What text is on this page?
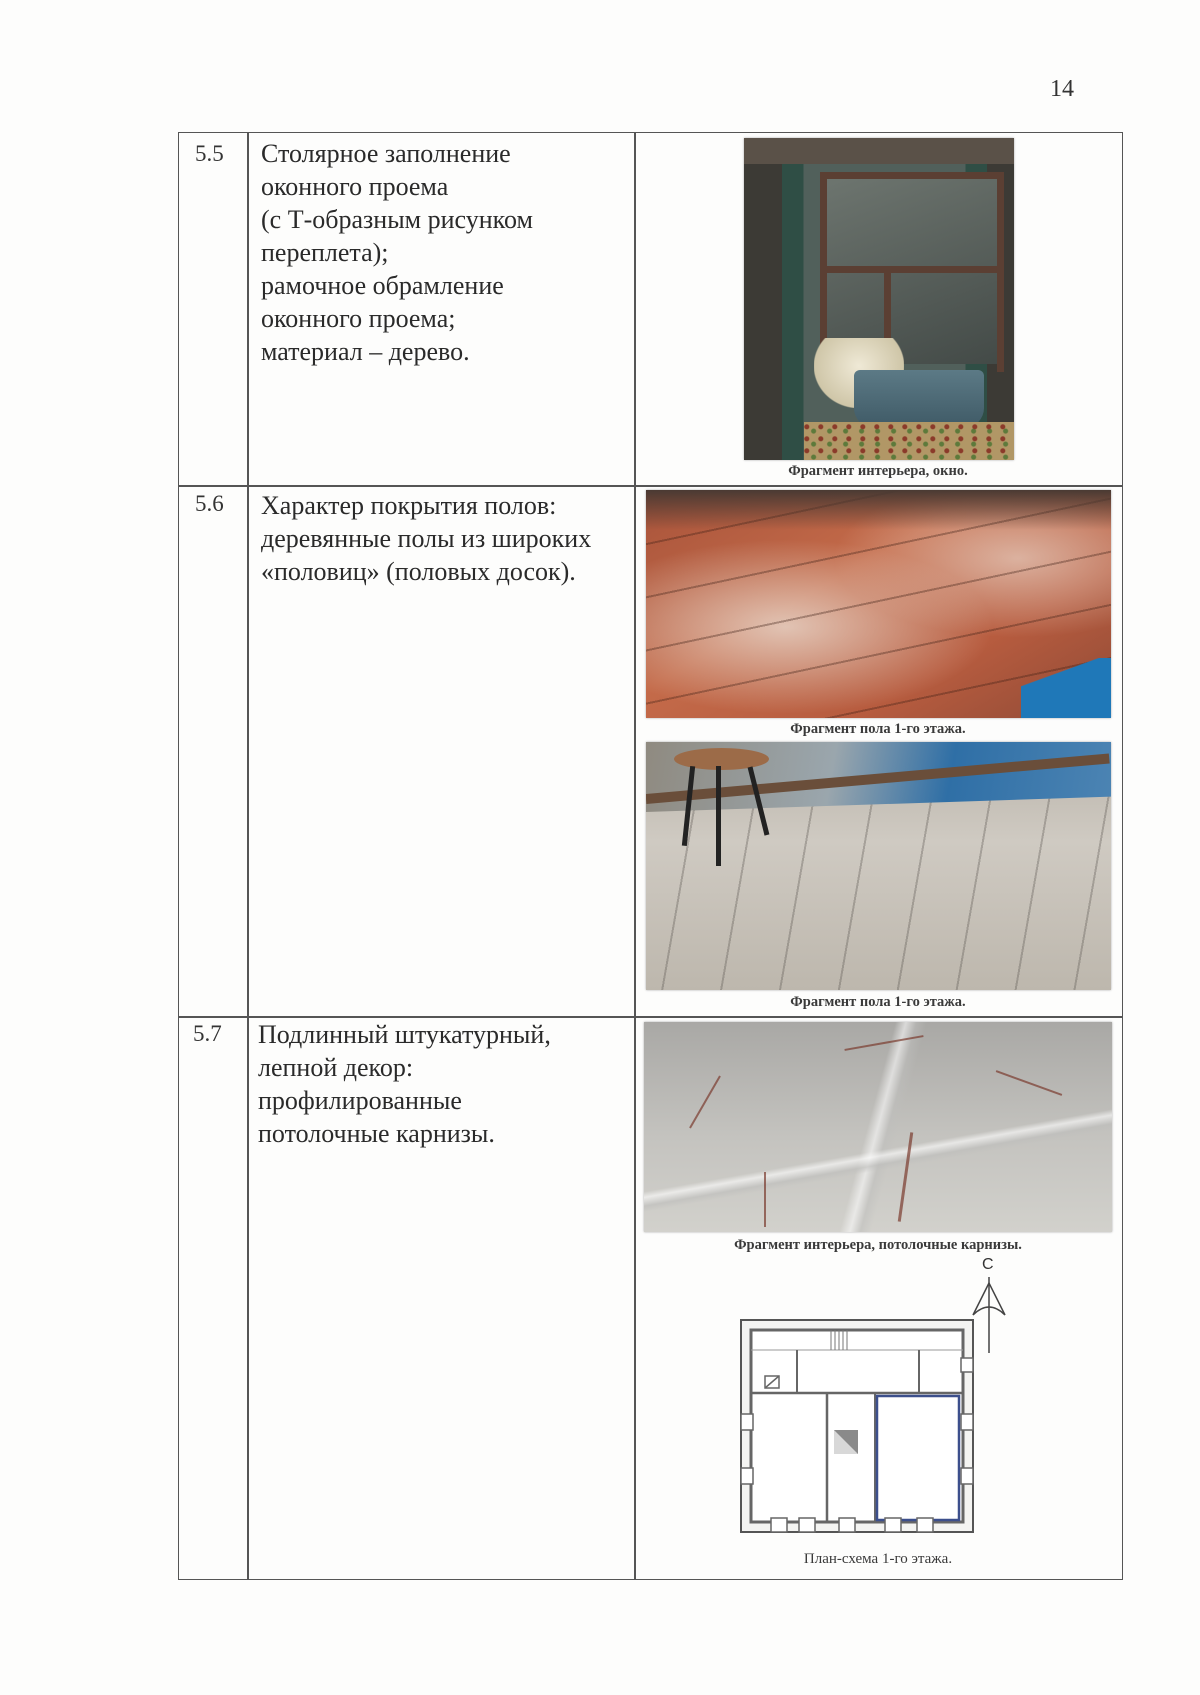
14
5.5 Столярное заполнение
оконного проема
(с Т-образным рисунком
переплета);
рамочное обрамление
оконного проема;
материал – дерево.
Фрагмент интерьера, окно.
5.6 Характер покрытия полов:
деревянные полы из широких
«половиц» (половых досок).
Фрагмент пола 1-го этажа.
Фрагмент пола 1-го этажа.
5.7 Подлинный штукатурный,
лепной декор:
профилированные
потолочные карнизы.
Фрагмент интерьера, потолочные карнизы.
С
План-схема 1-го этажа.
